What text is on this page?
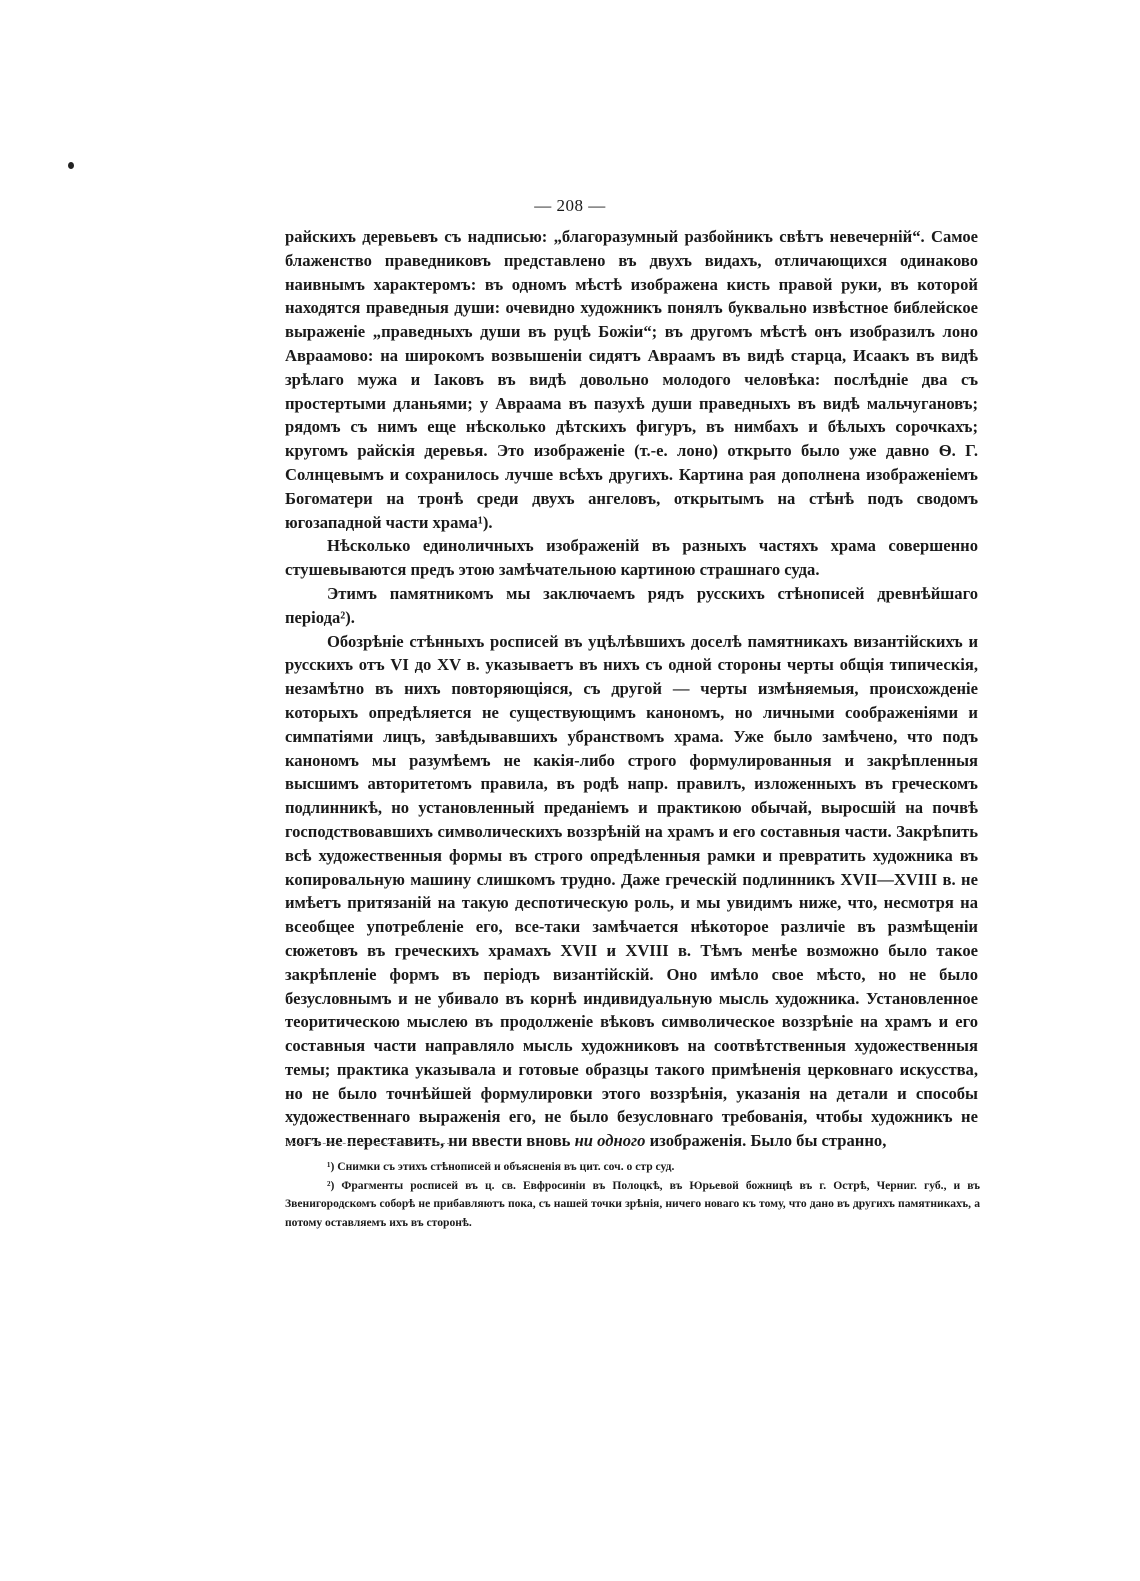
— 208 —

райскихъ деревьевъ съ надписью: „благоразумный разбойникъ свѣтъ невечерній“. Самое блаженство праведниковъ представлено въ двухъ видахъ, отличающихся одинаково наивнымъ характеромъ: въ одномъ мѣстѣ изображена кисть правой руки, въ которой находятся праведныя души: очевидно художникъ понялъ буквально извѣстное библейское выраженіе „праведныхъ души въ руцѣ Божіи“; въ другомъ мѣстѣ онъ изобразилъ лоно Авраамово: на широкомъ возвышеніи сидятъ Авраамъ въ видѣ старца, Исаакъ въ видѣ зрѣлаго мужа и Іаковъ въ видѣ довольно молодого человѣка: послѣдніе два съ простертыми дланьями; у Авраама въ пазухѣ души праведныхъ въ видѣ мальчугановъ; рядомъ съ нимъ еще нѣсколько дѣтскихъ фигуръ, въ нимбахъ и бѣлыхъ сорочкахъ; кругомъ райскія деревья. Это изображеніе (т.-е. лоно) открыто было уже давно Ѳ. Г. Солнцевымъ и сохранилось лучше всѣхъ другихъ. Картина рая дополнена изображеніемъ Богоматери на тронѣ среди двухъ ангеловъ, открытымъ на стѣнѣ подъ сводомъ югозападной части храма¹).

Нѣсколько единоличныхъ изображеній въ разныхъ частяхъ храма совершенно стушевываются предъ этою замѣчательною картиною страшнаго суда.

Этимъ памятникомъ мы заключаемъ рядъ русскихъ стѣнописей древнѣйшаго періода²).

Обозрѣніе стѣнныхъ росписей въ уцѣлѣвшихъ доселѣ памятникахъ византійскихъ и русскихъ отъ VI до XV в. указываетъ въ нихъ съ одной стороны черты общія типическія, незамѣтно въ нихъ повторяющіяся, съ другой — черты измѣняемыя, происхожденіе которыхъ опредѣляется не существующимъ канономъ, но личными соображеніями и симпатіями лицъ, завѣдывавшихъ убранствомъ храма. Уже было замѣчено, что подъ канономъ мы разумѣемъ не какія-либо строго формулированныя и закрѣпленныя высшимъ авторитетомъ правила, въ родѣ напр. правилъ, изложенныхъ въ греческомъ подлинникѣ, но установленный преданіемъ и практикою обычай, выросшій на почвѣ господствовавшихъ символическихъ воззрѣній на храмъ и его составныя части. Закрѣпить всѣ художественныя формы въ строго опредѣленныя рамки и превратить художника въ копировальную машину слишкомъ трудно. Даже греческій подлинникъ XVII—XVIII в. не имѣетъ притязаній на такую деспотическую роль, и мы увидимъ ниже, что, несмотря на всеобщее употребленіе его, все-таки замѣчается нѣкоторое различіе въ размѣщеніи сюжетовъ въ греческихъ храмахъ XVII и XVIII в. Тѣмъ менѣе возможно было такое закрѣпленіе формъ въ періодъ византійскій. Оно имѣло свое мѣсто, но не было безусловнымъ и не убивало въ корнѣ индивидуальную мысль художника. Установленное теоритическою мыслею въ продолженіе вѣковъ символическое воззрѣніе на храмъ и его составныя части направляло мысль художниковъ на соотвѣтственныя художественныя темы; практика указывала и готовые образцы такого примѣненія церковнаго искусства, но не было точнѣйшей формулировки этого воззрѣнія, указанія на детали и способы художественнаго выраженія его, не было безусловнаго требованія, чтобы художникъ не могъ не переставить, ни ввести вновь ни одного изображенія. Было бы странно,

¹) Снимки съ этихъ стѣнописей и объясненія въ цит. соч. о стр суд.

²) Фрагменты росписей въ ц. св. Евфросиніи въ Полоцкѣ, въ Юрьевой божницѣ въ г. Острѣ, Черниг. губ., и въ Звенигородскомъ соборѣ не прибавляютъ пока, съ нашей точки зрѣнія, ничего новаго къ тому, что дано въ другихъ памятникахъ, а потому оставляемъ ихъ въ сторонѣ.
